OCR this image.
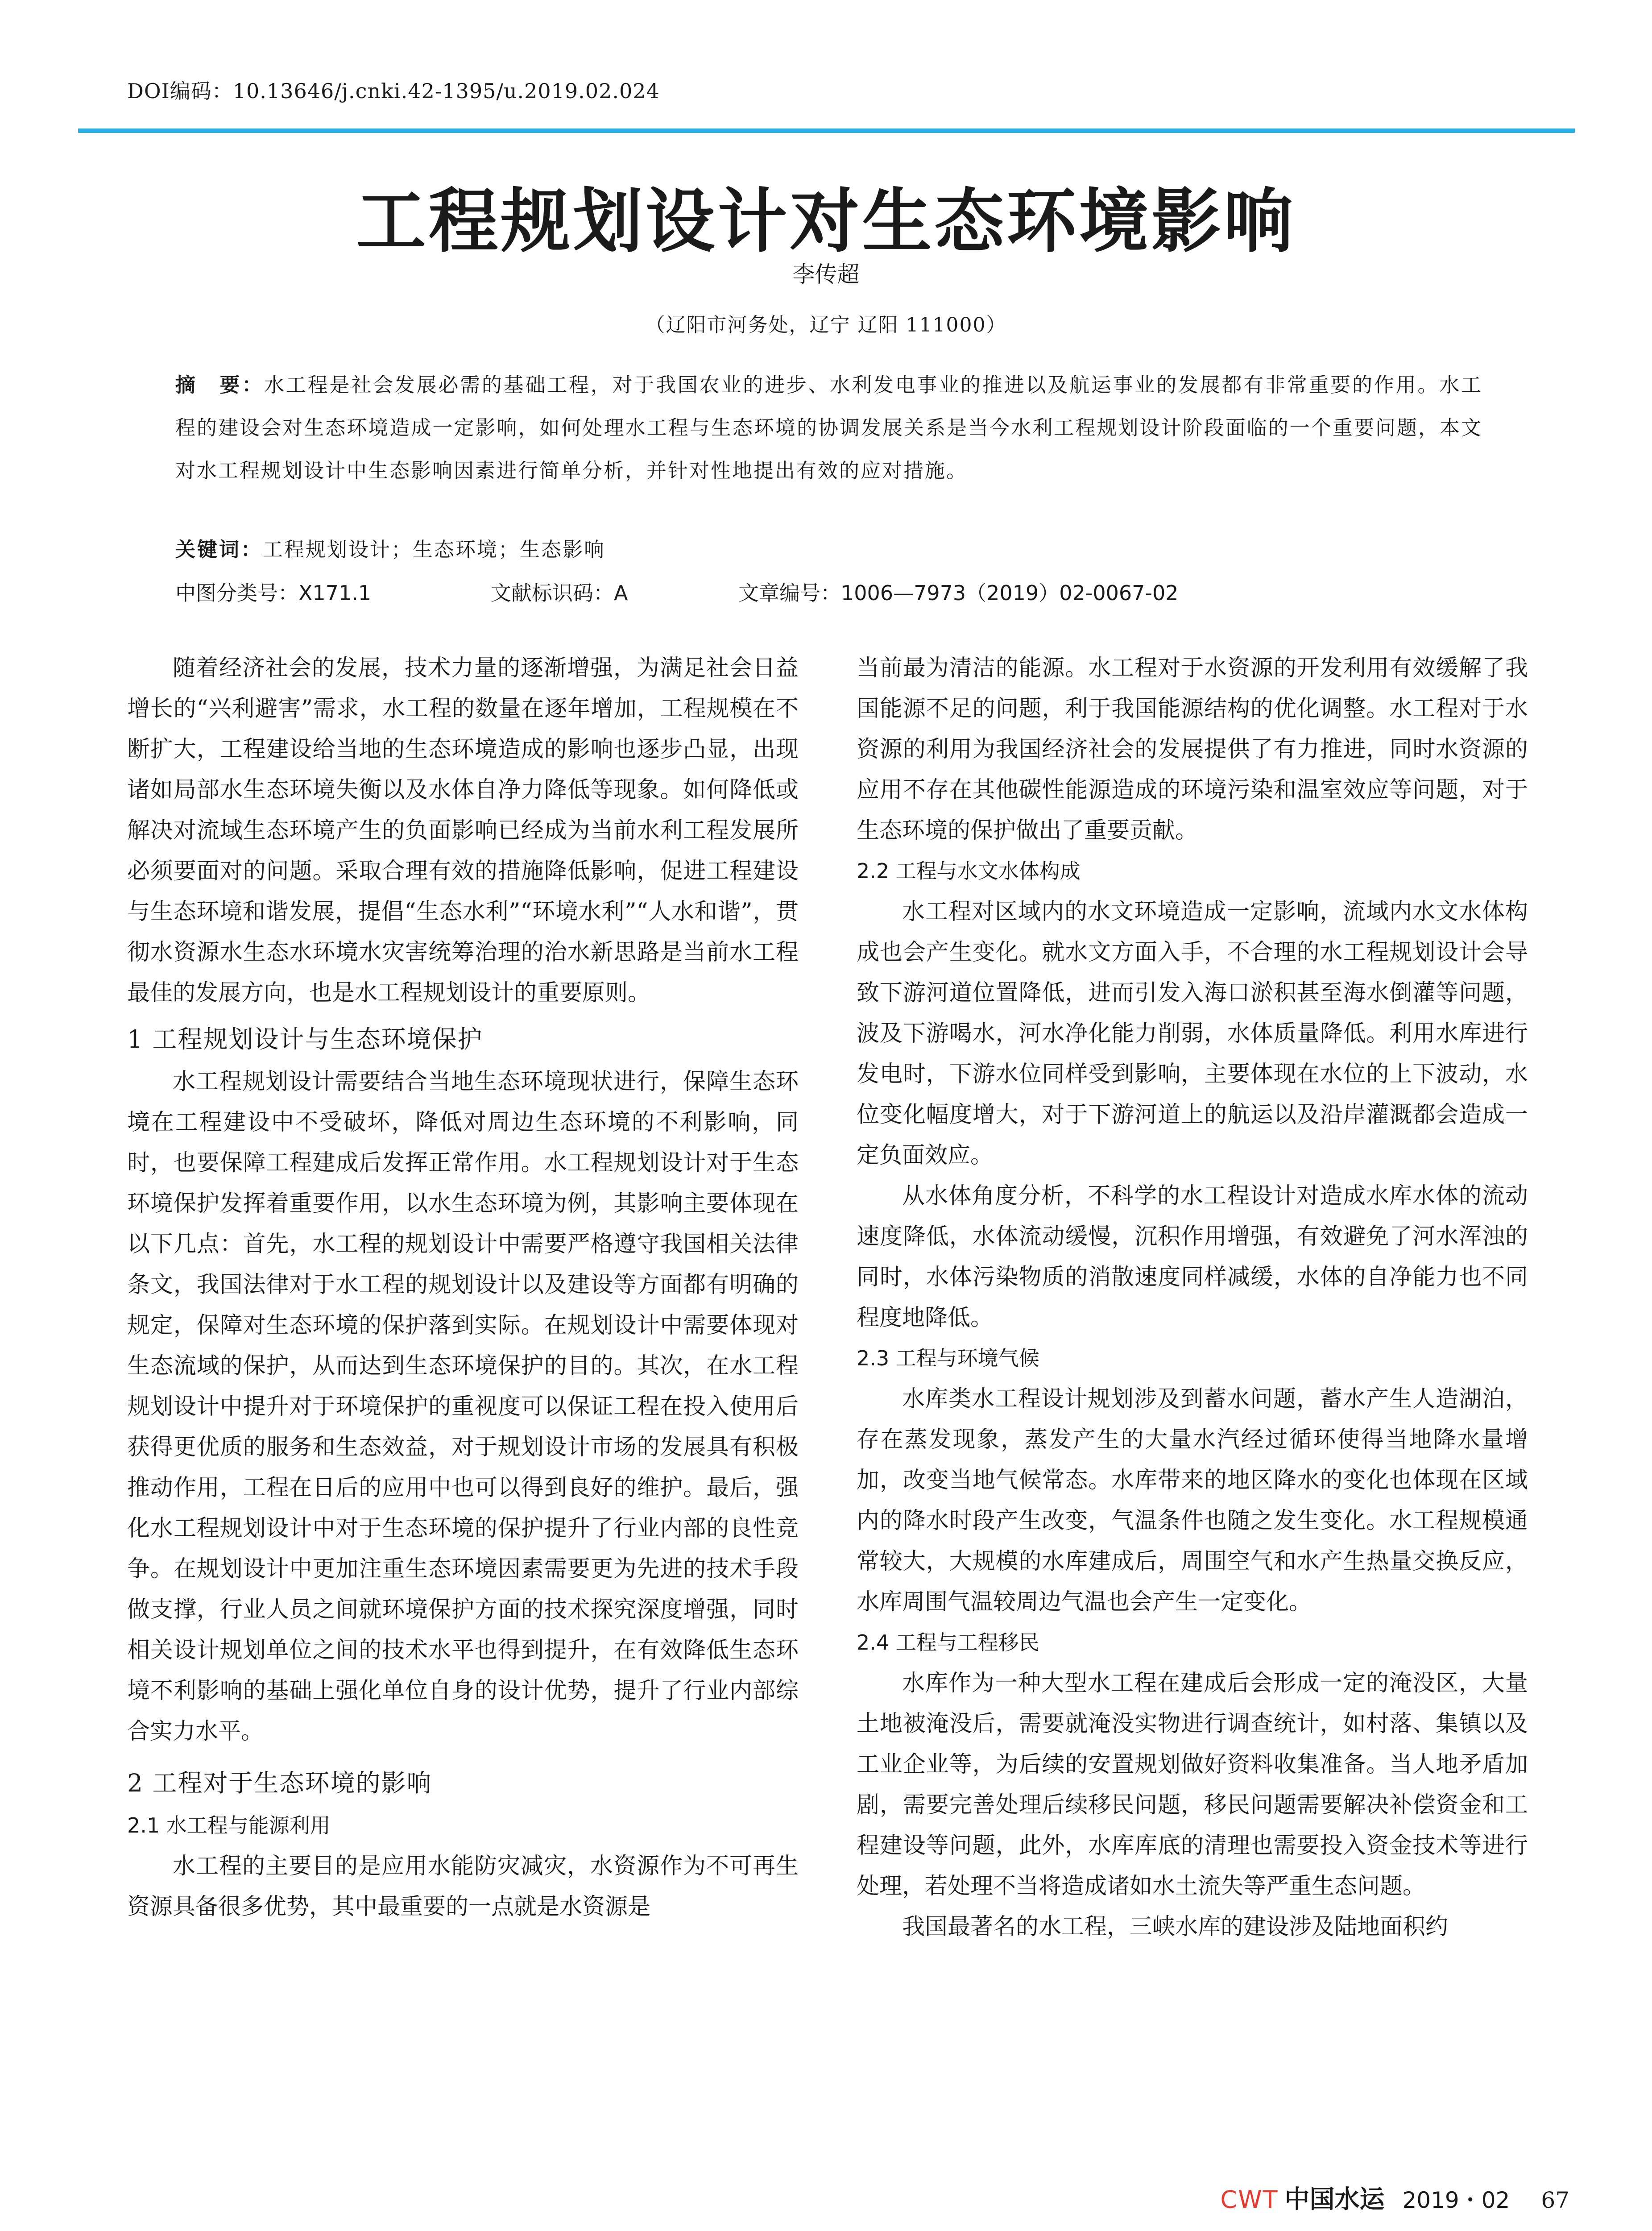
DOI编码：10.13646/j.cnki.42-1395/u.2019.02.024
工程规划设计对生态环境影响
李传超
（辽阳市河务处，辽宁 辽阳 111000）
摘　要：水工程是社会发展必需的基础工程，对于我国农业的进步、水利发电事业的推进以及航运事业的发展都有非常重要的作用。水工程的建设会对生态环境造成一定影响，如何处理水工程与生态环境的协调发展关系是当今水利工程规划设计阶段面临的一个重要问题，本文对水工程规划设计中生态影响因素进行简单分析，并针对性地提出有效的应对措施。
关键词：工程规划设计；生态环境；生态影响
中图分类号：X171.1	文献标识码：A	文章编号：1006—7973（2019）02-0067-02

随着经济社会的发展，技术力量的逐渐增强，为满足社会日益增长的“兴利避害”需求，水工程的数量在逐年增加，工程规模在不断扩大，工程建设给当地的生态环境造成的影响也逐步凸显，出现诸如局部水生态环境失衡以及水体自净力降低等现象。如何降低或解决对流域生态环境产生的负面影响已经成为当前水利工程发展所必须要面对的问题。采取合理有效的措施降低影响，促进工程建设与生态环境和谐发展，提倡“生态水利”“环境水利”“人水和谐”，贯彻水资源水生态水环境水灾害统筹治理的治水新思路是当前水工程最佳的发展方向，也是水工程规划设计的重要原则。

1 工程规划设计与生态环境保护

水工程规划设计需要结合当地生态环境现状进行，保障生态环境在工程建设中不受破坏，降低对周边生态环境的不利影响，同时，也要保障工程建成后发挥正常作用。水工程规划设计对于生态环境保护发挥着重要作用，以水生态环境为例，其影响主要体现在以下几点：首先，水工程的规划设计中需要严格遵守我国相关法律条文，我国法律对于水工程的规划设计以及建设等方面都有明确的规定，保障对生态环境的保护落到实际。在规划设计中需要体现对生态流域的保护，从而达到生态环境保护的目的。其次，在水工程规划设计中提升对于环境保护的重视度可以保证工程在投入使用后获得更优质的服务和生态效益，对于规划设计市场的发展具有积极推动作用，工程在日后的应用中也可以得到良好的维护。最后，强化水工程规划设计中对于生态环境的保护提升了行业内部的良性竞争。在规划设计中更加注重生态环境因素需要更为先进的技术手段做支撑，行业人员之间就环境保护方面的技术探究深度增强，同时相关设计规划单位之间的技术水平也得到提升，在有效降低生态环境不利影响的基础上强化单位自身的设计优势，提升了行业内部综合实力水平。

2 工程对于生态环境的影响
2.1 水工程与能源利用

水工程的主要目的是应用水能防灾减灾，水资源作为不可再生资源具备很多优势，其中最重要的一点就是水资源是

当前最为清洁的能源。水工程对于水资源的开发利用有效缓解了我国能源不足的问题，利于我国能源结构的优化调整。水工程对于水资源的利用为我国经济社会的发展提供了有力推进，同时水资源的应用不存在其他碳性能源造成的环境污染和温室效应等问题，对于生态环境的保护做出了重要贡献。

2.2 工程与水文水体构成

水工程对区域内的水文环境造成一定影响，流域内水文水体构成也会产生变化。就水文方面入手，不合理的水工程规划设计会导致下游河道位置降低，进而引发入海口淤积甚至海水倒灌等问题，波及下游喝水，河水净化能力削弱，水体质量降低。利用水库进行发电时，下游水位同样受到影响，主要体现在水位的上下波动，水位变化幅度增大，对于下游河道上的航运以及沿岸灌溉都会造成一定负面效应。

从水体角度分析，不科学的水工程设计对造成水库水体的流动速度降低，水体流动缓慢，沉积作用增强，有效避免了河水浑浊的同时，水体污染物质的消散速度同样减缓，水体的自净能力也不同程度地降低。

2.3 工程与环境气候

水库类水工程设计规划涉及到蓄水问题，蓄水产生人造湖泊，存在蒸发现象，蒸发产生的大量水汽经过循环使得当地降水量增加，改变当地气候常态。水库带来的地区降水的变化也体现在区域内的降水时段产生改变，气温条件也随之发生变化。水工程规模通常较大，大规模的水库建成后，周围空气和水产生热量交换反应，水库周围气温较周边气温也会产生一定变化。

2.4 工程与工程移民

水库作为一种大型水工程在建成后会形成一定的淹没区，大量土地被淹没后，需要就淹没实物进行调查统计，如村落、集镇以及工业企业等，为后续的安置规划做好资料收集准备。当人地矛盾加剧，需要完善处理后续移民问题，移民问题需要解决补偿资金和工程建设等问题，此外，水库库底的清理也需要投入资金技术等进行处理，若处理不当将造成诸如水土流失等严重生态问题。

我国最著名的水工程，三峡水库的建设涉及陆地面积约

CWT 中国水运 2019・02 67
